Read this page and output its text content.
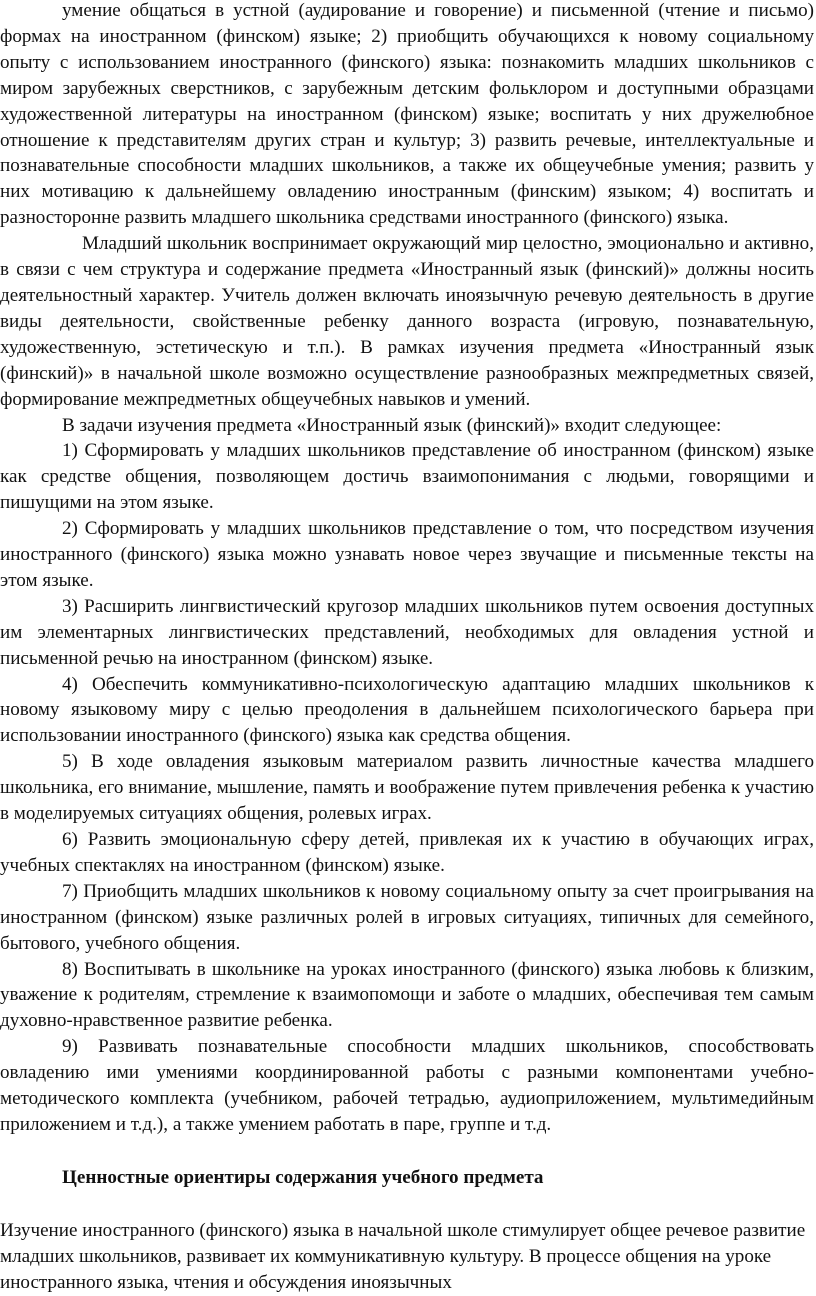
умение общаться в устной (аудирование и говорение) и письменной (чтение и письмо) формах на иностранном (финском) языке; 2) приобщить обучающихся к новому социальному опыту с использованием иностранного (финского) языка: познакомить младших школьников с миром зарубежных сверстников, с зарубежным детским фольклором и доступными образцами художественной литературы на иностранном (финском) языке; воспитать у них дружелюбное отношение к представителям других стран и культур; 3) развить речевые, интеллектуальные и познавательные способности младших школьников, а также их общеучебные умения; развить у них мотивацию к дальнейшему овладению иностранным (финским) языком; 4) воспитать и разносторонне развить младшего школьника средствами иностранного (финского) языка.

Младший школьник воспринимает окружающий мир целостно, эмоционально и активно, в связи с чем структура и содержание предмета «Иностранный язык (финский)» должны носить деятельностный характер. Учитель должен включать иноязычную речевую деятельность в другие виды деятельности, свойственные ребенку данного возраста (игровую, познавательную, художественную, эстетическую и т.п.). В рамках изучения предмета «Иностранный язык (финский)» в начальной школе возможно осуществление разнообразных межпредметных связей, формирование межпредметных общеучебных навыков и умений.

В задачи изучения предмета «Иностранный язык (финский)» входит следующее:

1) Сформировать у младших школьников представление об иностранном (финском) языке как средстве общения, позволяющем достичь взаимопонимания с людьми, говорящими и пишущими на этом языке.

2) Сформировать у младших школьников представление о том, что посредством изучения иностранного (финского) языка можно узнавать новое через звучащие и письменные тексты на этом языке.

3) Расширить лингвистический кругозор младших школьников путем освоения доступных им элементарных лингвистических представлений, необходимых для овладения устной и письменной речью на иностранном (финском) языке.

4) Обеспечить коммуникативно-психологическую адаптацию младших школьников к новому языковому миру с целью преодоления в дальнейшем психологического барьера при использовании иностранного (финского) языка как средства общения.

5) В ходе овладения языковым материалом развить личностные качества младшего школьника, его внимание, мышление, память и воображение путем привлечения ребенка к участию в моделируемых ситуациях общения, ролевых играх.

6) Развить эмоциональную сферу детей, привлекая их к участию в обучающих играх, учебных спектаклях на иностранном (финском) языке.

7) Приобщить младших школьников к новому социальному опыту за счет проигрывания на иностранном (финском) языке различных ролей в игровых ситуациях, типичных для семейного, бытового, учебного общения.

8) Воспитывать в школьнике на уроках иностранного (финского) языка любовь к близким, уважение к родителям, стремление к взаимопомощи и заботе о младших, обеспечивая тем самым духовно-нравственное развитие ребенка.

9) Развивать познавательные способности младших школьников, способствовать овладению ими умениями координированной работы с разными компонентами учебно-методического комплекта (учебником, рабочей тетрадью, аудиоприложением, мультимедийным приложением и т.д.), а также умением работать в паре, группе и т.д.

Ценностные ориентиры содержания учебного предмета

Изучение иностранного (финского) языка в начальной школе стимулирует общее речевое развитие младших школьников, развивает их коммуникативную культуру. В процессе общения на уроке иностранного языка, чтения и обсуждения иноязычных
